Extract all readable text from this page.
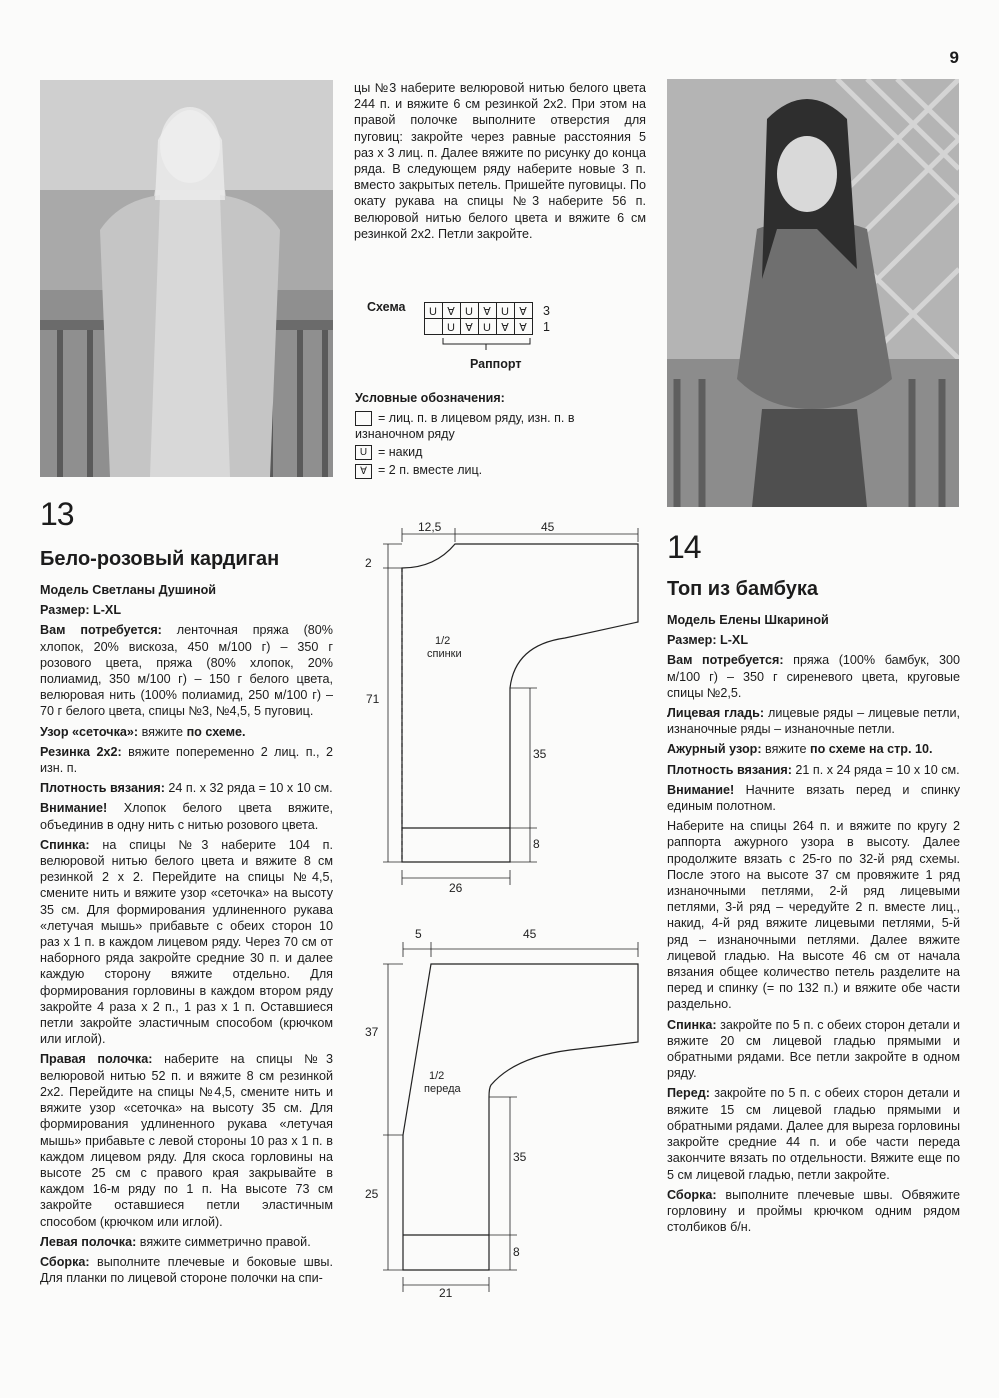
9
13
Бело-розовый кардиган

Модель Светланы Душиной

Размер: L-XL

Вам потребуется: ленточная пряжа (80% хлопок, 20% вискоза, 450 м/100 г) – 350 г розового цвета, пряжа (80% хлопок, 20% полиамид, 350 м/100 г) – 150 г белого цвета, велюровая нить (100% полиамид, 250 м/100 г) – 70 г белого цвета, спицы №3, №4,5, 5 пуговиц.

Узор «сеточка»: вяжите по схеме.

Резинка 2х2: вяжите попеременно 2 лиц. п., 2 изн. п.

Плотность вязания: 24 п. х 32 ряда = 10 х 10 см.

Внимание! Хлопок белого цвета вяжите, объединив в одну нить с нитью розового цвета.

Спинка: на спицы №3 наберите 104 п. велюровой нитью белого цвета и вяжите 8 см резинкой 2 х 2. Перейдите на спицы №4,5, смените нить и вяжите узор «сеточка» на высоту 35 см. Для формирования удлиненного рукава «летучая мышь» прибавьте с обеих сторон 10 раз х 1 п. в каждом лицевом ряду. Через 70 см от наборного ряда закройте средние 30 п. и далее каждую сторону вяжите отдельно. Для формирования горловины в каждом втором ряду закройте 4 раза х 2 п., 1 раз х 1 п. Оставшиеся петли закройте эластичным способом (крючком или иглой).

Правая полочка: наберите на спицы №3 велюровой нитью 52 п. и вяжите 8 см резинкой 2х2. Перейдите на спицы №4,5, смените нить и вяжите узор «сеточка» на высоту 35 см. Для формирования удлиненного рукава «летучая мышь» прибавьте с левой стороны 10 раз х 1 п. в каждом лицевом ряду. Для скоса горловины на высоте 25 см с правого края закрывайте в каждом 16-м ряду по 1 п. На высоте 73 см закройте оставшиеся петли эластичным способом (крючком или иглой).

Левая полочка: вяжите симметрично правой.

Сборка: выполните плечевые и боковые швы. Для планки по лицевой стороне полочки на спи-

цы №3 наберите велюровой нитью белого цвета 244 п. и вяжите 6 см резинкой 2х2. При этом на правой полочке выполните отверстия для пуговиц: закройте через равные расстояния 5 раз х 3 лиц. п. Далее вяжите по рисунку до конца ряда. В следующем ряду наберите новые 3 п. вместо закрытых петель. Пришейте пуговицы. По окату рукава на спицы №3 наберите 56 п. велюровой нитью белого цвета и вяжите 6 см резинкой 2х2. Петли закройте.
Схема U ∀ U ∀ U ∀
U ∀ U ∀ ∀
3
1
Раппорт
Условные обозначения:
= лиц. п. в лицевом ряду, изн. п. в изнаночном ряду
U = накид
∀ = 2 п. вместе лиц.
12,5	45
2
71
35
8
26
1/2
спинки
5	45
37
35
25
8
21
1/2
переда
14
Топ из бамбука

Модель Елены Шкариной

Размер: L-XL

Вам потребуется: пряжа (100% бамбук, 300 м/100 г) – 350 г сиреневого цвета, круговые спицы №2,5.

Лицевая гладь: лицевые ряды – лицевые петли, изнаночные ряды – изнаночные петли.

Ажурный узор: вяжите по схеме на стр. 10.

Плотность вязания: 21 п. х 24 ряда = 10 х 10 см.

Внимание! Начните вязать перед и спинку единым полотном.

Наберите на спицы 264 п. и вяжите по кругу 2 раппорта ажурного узора в высоту. Далее продолжите вязать с 25-го по 32-й ряд схемы. После этого на высоте 37 см провяжите 1 ряд изнаночными петлями, 2-й ряд лицевыми петлями, 3-й ряд – чередуйте 2 п. вместе лиц., накид, 4-й ряд вяжите лицевыми петлями, 5-й ряд – изнаночными петлями. Далее вяжите лицевой гладью. На высоте 46 см от начала вязания общее количество петель разделите на перед и спинку (= по 132 п.) и вяжите обе части раздельно.

Спинка: закройте по 5 п. с обеих сторон детали и вяжите 20 см лицевой гладью прямыми и обратными рядами. Все петли закройте в одном ряду.

Перед: закройте по 5 п. с обеих сторон детали и вяжите 15 см лицевой гладью прямыми и обратными рядами. Далее для выреза горловины закройте средние 44 п. и обе части переда закончите вязать по отдельности. Вяжите еще по 5 см лицевой гладью, петли закройте.

Сборка: выполните плечевые швы. Обвяжите горловину и проймы крючком одним рядом столбиков б/н.
